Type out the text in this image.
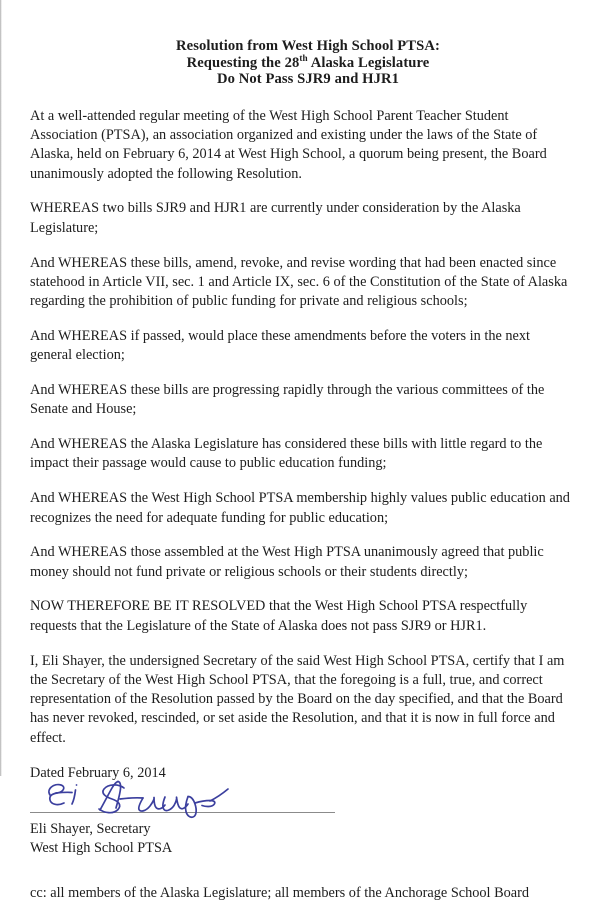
Resolution from West High School PTSA:
Requesting the 28th Alaska Legislature
Do Not Pass SJR9 and HJR1

At a well-attended regular meeting of the West High School Parent Teacher Student Association (PTSA), an association organized and existing under the laws of the State of Alaska, held on February 6, 2014 at West High School, a quorum being present, the Board unanimously adopted the following Resolution.

WHEREAS two bills SJR9 and HJR1 are currently under consideration by the Alaska Legislature;

And WHEREAS these bills, amend, revoke, and revise wording that had been enacted since statehood in Article VII, sec. 1 and Article IX, sec. 6 of the Constitution of the State of Alaska regarding the prohibition of public funding for private and religious schools;

And WHEREAS if passed, would place these amendments before the voters in the next general election;

And WHEREAS these bills are progressing rapidly through the various committees of the Senate and House;

And WHEREAS the Alaska Legislature has considered these bills with little regard to the impact their passage would cause to public education funding;

And WHEREAS the West High School PTSA membership highly values public education and recognizes the need for adequate funding for public education;

And WHEREAS those assembled at the West High PTSA unanimously agreed that public money should not fund private or religious schools or their students directly;

NOW THEREFORE BE IT RESOLVED that the West High School PTSA respectfully requests that the Legislature of the State of Alaska does not pass SJR9 or HJR1.

I, Eli Shayer, the undersigned Secretary of the said West High School PTSA, certify that I am the Secretary of the West High School PTSA, that the foregoing is a full, true, and correct representation of the Resolution passed by the Board on the day specified, and that the Board has never revoked, rescinded, or set aside the Resolution, and that it is now in full force and effect.

Dated February 6, 2014

Eli Shayer, Secretary

West High School PTSA

cc: all members of the Alaska Legislature; all members of the Anchorage School Board
